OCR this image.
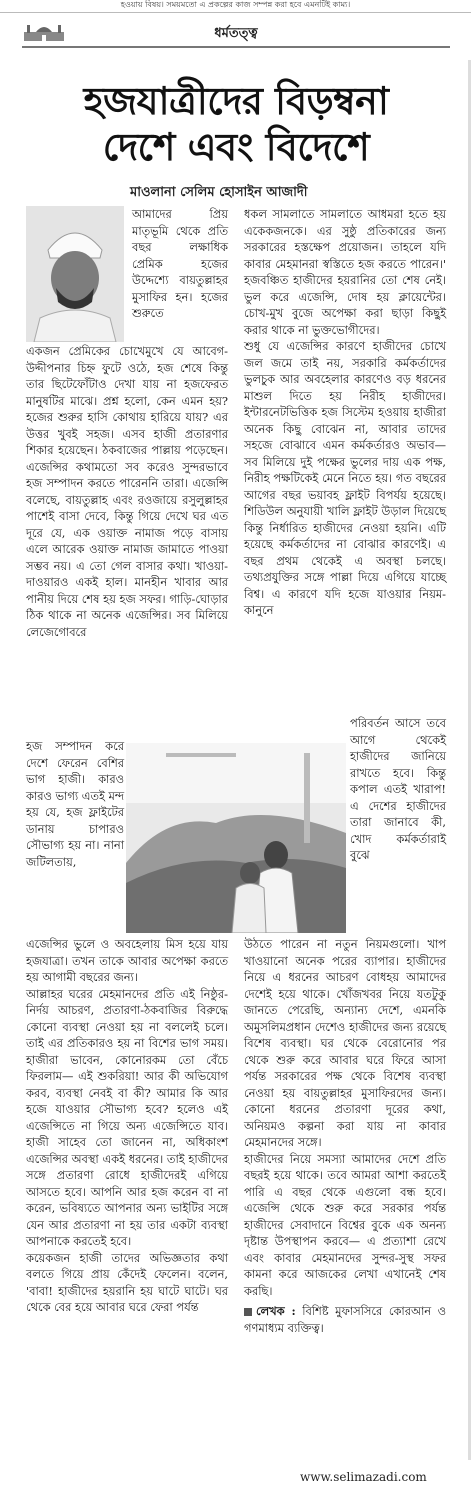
হওয়ায় বিষয়। সময়মতো এ প্রকল্পের কাজ সম্পন্ন করা হবে এমনটিই কাম্য।
ধর্মতত্ত্ব
হজযাত্রীদের বিড়ম্বনা
দেশে এবং বিদেশে
মাওলানা সেলিম হোসাইন আজাদী

আমাদের প্রিয় মাতৃভূমি থেকে প্রতি বছর লক্ষাধিক প্রেমিক হজের উদ্দেশ্যে বায়তুল্লাহর মুসাফির হন। হজের শুরুতে

একজন প্রেমিকের চোখেমুখে যে আবেগ-উদ্দীপনার চিহ্ন ফুটে ওঠে, হজ শেষে কিন্তু তার ছিটেফোঁটাও দেখা যায় না হজফেরত মানুষটির মাঝে। প্রশ্ন হলো, কেন এমন হয়? হজের শুরুর হাসি কোথায় হারিয়ে যায়? এর উত্তর খুবই সহজ। এসব হাজী প্রতারণার শিকার হয়েছেন। ঠকবাজের পাল্লায় পড়েছেন। এজেন্সির কথামতো সব করেও সুন্দরভাবে হজ সম্পাদন করতে পারেননি তারা। এজেন্সি বলেছে, বায়তুল্লাহ এবং রওজায়ে রসুলুল্লাহর পাশেই বাসা দেবে, কিন্তু গিয়ে দেখে ঘর এত দূরে যে, এক ওয়াক্ত নামাজ পড়ে বাসায় এলে আরেক ওয়াক্ত নামাজ জামাতে পাওয়া সম্ভব নয়। এ তো গেল বাসার কথা। খাওয়া-দাওয়ারও একই হাল। মানহীন খাবার আর পানীয় দিয়ে শেষ হয় হজ সফর। গাড়ি-ঘোড়ার ঠিক থাকে না অনেক এজেন্সির। সব মিলিয়ে লেজেগোবরে

হজ সম্পাদন করে দেশে ফেরেন বেশির ভাগ হাজী। কারও কারও ভাগ্য এতই মন্দ হয় যে, হজ ফ্লাইটের ডানায় চাপারও সৌভাগ্য হয় না। নানা জটিলতায়,

এজেন্সির ভুলে ও অবহেলায় মিস হয়ে যায় হজযাত্রা। তখন তাকে আবার অপেক্ষা করতে হয় আগামী বছরের জন্য।

আল্লাহর ঘরের মেহমানদের প্রতি এই নিষ্ঠুর-নির্দয় আচরণ, প্রতারণা-ঠকবাজির বিরুদ্ধে কোনো ব্যবস্থা নেওয়া হয় না বললেই চলে। তাই এর প্রতিকারও হয় না বিশের ভাগ সময়। হাজীরা ভাবেন, কোনোরকম তো বেঁচে ফিরলাম— এই শুকরিয়া! আর কী অভিযোগ করব, ব্যবস্থা নেবই বা কী? আমার কি আর হজে যাওয়ার সৌভাগ্য হবে? হলেও এই এজেন্সিতে না গিয়ে অন্য এজেন্সিতে যাব। হাজী সাহেব তো জানেন না, অধিকাংশ এজেন্সির অবস্থা একই ধরনের। তাই হাজীদের সঙ্গে প্রতারণা রোধে হাজীদেরই এগিয়ে আসতে হবে। আপনি আর হজ করেন বা না করেন, ভবিষ্যতে আপনার অন্য ভাইটির সঙ্গে যেন আর প্রতারণা না হয় তার একটা ব্যবস্থা আপনাকে করতেই হবে।

কয়েকজন হাজী তাদের অভিজ্ঞতার কথা বলতে গিয়ে প্রায় কেঁদেই ফেলেন। বলেন, 'বাবা! হাজীদের হয়রানি হয় ঘাটে ঘাটে। ঘর থেকে বের হয়ে আবার ঘরে ফেরা পর্যন্ত

ধকল সামলাতে সামলাতে আধমরা হতে হয় একেকজনকে। এর সুষ্ঠু প্রতিকারের জন্য সরকারের হস্তক্ষেপ প্রয়োজন। তাহলে যদি কাবার মেহমানরা স্বস্তিতে হজ করতে পারেন।' হজবঞ্চিত হাজীদের হয়রানির তো শেষ নেই। ভুল করে এজেন্সি, দোষ হয় ক্লায়েন্টের। চোখ-মুখ বুজে অপেক্ষা করা ছাড়া কিছুই করার থাকে না ভুক্তভোগীদের।

শুধু যে এজেন্সির কারণে হাজীদের চোখে জল জমে তাই নয়, সরকারি কর্মকর্তাদের ভুলচুক আর অবহেলার কারণেও বড় ধরনের মাশুল দিতে হয় নিরীহ হাজীদের। ইন্টারনেটভিত্তিক হজ সিস্টেম হওয়ায় হাজীরা অনেক কিছু বোঝেন না, আবার তাদের সহজে বোঝাবে এমন কর্মকর্তারও অভাব— সব মিলিয়ে দুই পক্ষের ভুলের দায় এক পক্ষ, নিরীহ পক্ষটিকেই মেনে নিতে হয়। গত বছরের আগের বছর ভয়াবহ ফ্লাইট বিপর্যয় হয়েছে। শিডিউল অনুযায়ী খালি ফ্লাইট উড়াল দিয়েছে কিন্তু নির্ধারিত হাজীদের নেওয়া হয়নি। এটি হয়েছে কর্মকর্তাদের না বোঝার কারণেই। এ বছর প্রথম থেকেই এ অবস্থা চলছে। তথ্যপ্রযুক্তির সঙ্গে পাল্লা দিয়ে এগিয়ে যাচ্ছে বিশ্ব। এ কারণে যদি হজে যাওয়ার নিয়ম-কানুনে

পরিবর্তন আসে তবে আগে থেকেই হাজীদের জানিয়ে রাখতে হবে। কিন্তু কপাল এতই খারাপ! এ দেশের হাজীদের তারা জানাবে কী, খোদ কর্মকর্তারাই বুঝে

উঠতে পারেন না নতুন নিয়মগুলো। খাপ খাওয়ানো অনেক পরের ব্যাপার। হাজীদের নিয়ে এ ধরনের আচরণ বোধহয় আমাদের দেশেই হয়ে থাকে। খোঁজখবর নিয়ে যতটুকু জানতে পেরেছি, অন্যান্য দেশে, এমনকি অমুসলিমপ্রধান দেশেও হাজীদের জন্য রয়েছে বিশেষ ব্যবস্থা। ঘর থেকে বেরোনোর পর থেকে শুরু করে আবার ঘরে ফিরে আসা পর্যন্ত সরকারের পক্ষ থেকে বিশেষ ব্যবস্থা নেওয়া হয় বায়তুল্লাহর মুসাফিরদের জন্য। কোনো ধরনের প্রতারণা দূরের কথা, অনিয়মও কল্পনা করা যায় না কাবার মেহমানদের সঙ্গে।

হাজীদের নিয়ে সমস্যা আমাদের দেশে প্রতি বছরই হয়ে থাকে। তবে আমরা আশা করতেই পারি এ বছর থেকে এগুলো বন্ধ হবে। এজেন্সি থেকে শুরু করে সরকার পর্যন্ত হাজীদের সেবাদানে বিশ্বের বুকে এক অনন্য দৃষ্টান্ত উপস্থাপন করবে— এ প্রত্যাশা রেখে এবং কাবার মেহমানদের সুন্দর-সুস্থ সফর কামনা করে আজকের লেখা এখানেই শেষ করছি।

লেখক : বিশিষ্ট মুফাসসিরে কোরআন ও গণমাধ্যম ব্যক্তিত্ব।

www.selimazadi.com
